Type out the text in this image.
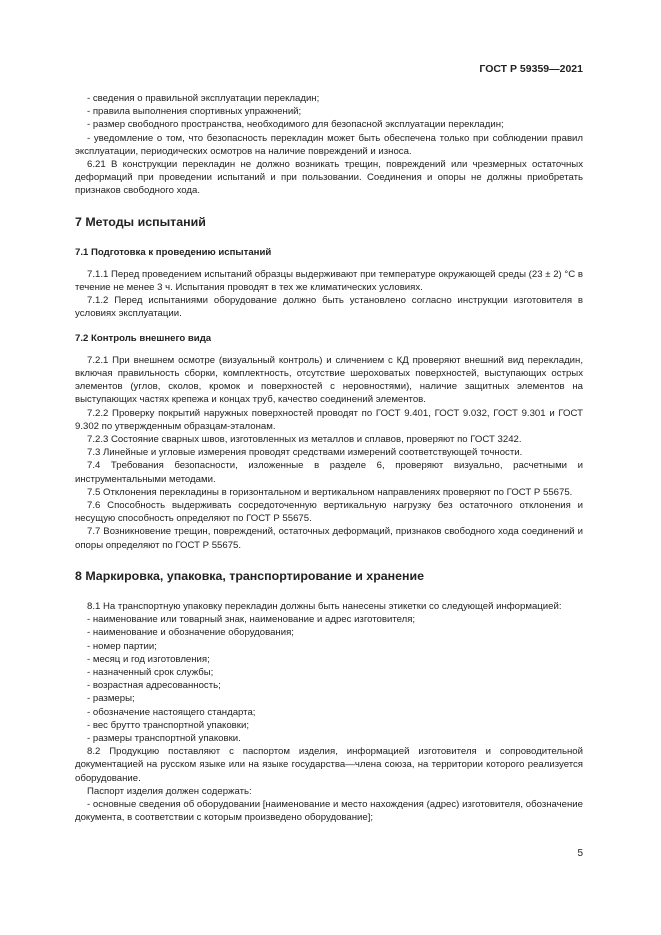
ГОСТ Р 59359—2021

- сведения о правильной эксплуатации перекладин;

- правила выполнения спортивных упражнений;

- размер свободного пространства, необходимого для безопасной эксплуатации перекладин;

- уведомление о том, что безопасность перекладин может быть обеспечена только при соблюдении правил эксплуатации, периодических осмотров на наличие повреждений и износа.

6.21 В конструкции перекладин не должно возникать трещин, повреждений или чрезмерных остаточных деформаций при проведении испытаний и при пользовании. Соединения и опоры не должны приобретать признаков свободного хода.

7 Методы испытаний
7.1 Подготовка к проведению испытаний

7.1.1 Перед проведением испытаний образцы выдерживают при температуре окружающей среды (23 ± 2) °С в течение не менее 3 ч. Испытания проводят в тех же климатических условиях.

7.1.2 Перед испытаниями оборудование должно быть установлено согласно инструкции изготовителя в условиях эксплуатации.

7.2 Контроль внешнего вида

7.2.1 При внешнем осмотре (визуальный контроль) и сличением с КД проверяют внешний вид перекладин, включая правильность сборки, комплектность, отсутствие шероховатых поверхностей, выступающих острых элементов (углов, сколов, кромок и поверхностей с неровностями), наличие защитных элементов на выступающих частях крепежа и концах труб, качество соединений элементов.

7.2.2 Проверку покрытий наружных поверхностей проводят по ГОСТ 9.401, ГОСТ 9.032, ГОСТ 9.301 и ГОСТ 9.302 по утвержденным образцам-эталонам.

7.2.3 Состояние сварных швов, изготовленных из металлов и сплавов, проверяют по ГОСТ 3242.

7.3 Линейные и угловые измерения проводят средствами измерений соответствующей точности.

7.4 Требования безопасности, изложенные в разделе 6, проверяют визуально, расчетными и инструментальными методами.

7.5 Отклонения перекладины в горизонтальном и вертикальном направлениях проверяют по ГОСТ Р 55675.

7.6 Способность выдерживать сосредоточенную вертикальную нагрузку без остаточного отклонения и несущую способность определяют по ГОСТ Р 55675.

7.7 Возникновение трещин, повреждений, остаточных деформаций, признаков свободного хода соединений и опоры определяют по ГОСТ Р 55675.

8 Маркировка, упаковка, транспортирование и хранение

8.1 На транспортную упаковку перекладин должны быть нанесены этикетки со следующей информацией:

- наименование или товарный знак, наименование и адрес изготовителя;

- наименование и обозначение оборудования;

- номер партии;

- месяц и год изготовления;

- назначенный срок службы;

- возрастная адресованность;

- размеры;

- обозначение настоящего стандарта;

- вес брутто транспортной упаковки;

- размеры транспортной упаковки.

8.2 Продукцию поставляют с паспортом изделия, информацией изготовителя и сопроводительной документацией на русском языке или на языке государства—члена союза, на территории которого реализуется оборудование.

Паспорт изделия должен содержать:

- основные сведения об оборудовании [наименование и место нахождения (адрес) изготовителя, обозначение документа, в соответствии с которым произведено оборудование];

5
